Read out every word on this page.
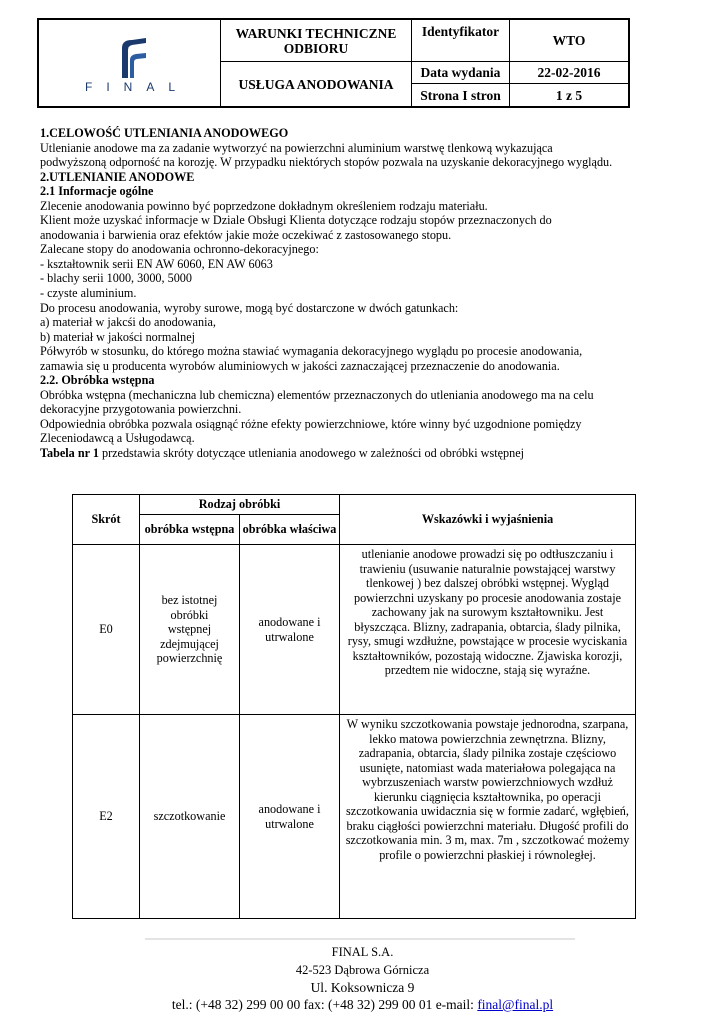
FINAL
WARUNKI TECHNICZNE ODBIORU
USŁUGA ANODOWANIA
Identyfikator
WTO
Data wydania	22-02-2016
Strona I stron	1 z 5

1.CELOWOŚĆ UTLENIANIA ANODOWEGO

Utlenianie anodowe ma za zadanie wytworzyć na powierzchni aluminium warstwę tlenkową wykazująca

podwyższoną odporność na korozję. W przypadku niektórych stopów pozwala na uzyskanie dekoracyjnego wyglądu.

2.UTLENIANIE ANODOWE

2.1 Informacje ogólne

Zlecenie anodowania powinno być poprzedzone dokładnym określeniem rodzaju materiału.

Klient może uzyskać informacje w Dziale Obsługi Klienta dotyczące rodzaju stopów przeznaczonych do

anodowania i barwienia oraz efektów jakie może oczekiwać z zastosowanego stopu.

Zalecane stopy do anodowania ochronno-dekoracyjnego:

- kształtownik serii EN AW 6060, EN AW 6063

- blachy serii 1000, 3000, 5000

- czyste aluminium.

Do procesu anodowania, wyroby surowe, mogą być dostarczone w dwóch gatunkach:

a) materiał w jakcśi do anodowania,

b) materiał w jakości normalnej

Półwyrób w stosunku, do którego można stawiać wymagania dekoracyjnego wyglądu po procesie anodowania,

zamawia się u producenta wyrobów aluminiowych w jakości zaznaczającej przeznaczenie do anodowania.

2.2. Obróbka wstępna

Obróbka wstępna (mechaniczna lub chemiczna) elementów przeznaczonych do utleniania anodowego ma na celu

dekoracyjne przygotowania powierzchni.

Odpowiednia obróbka pozwala osiągnąć różne efekty powierzchniowe, które winny być uzgodnione pomiędzy

Zleceniodawcą a Usługodawcą.

Tabela nr 1 przedstawia skróty dotyczące utleniania anodowego w zależności od obróbki wstępnej

Skrót	Rodzaj obróbki		Wskazówki i wyjaśnienia
	obróbka wstępna	obróbka właściwa	
E0	bez istotnej obróbki wstępnej zdejmującej powierzchnię	anodowane i utrwalone	utlenianie anodowe prowadzi się po odtłuszczaniu i trawieniu (usuwanie naturalnie powstającej warstwy tlenkowej ) bez dalszej obróbki wstępnej. Wygląd powierzchni uzyskany po procesie anodowania zostaje zachowany jak na surowym kształtowniku. Jest błyszcząca. Blizny, zadrapania, obtarcia, ślady pilnika, rysy, smugi wzdłużne, powstające w procesie wyciskania kształtowników, pozostają widoczne. Zjawiska korozji, przedtem nie widoczne, stają się wyraźne.
E2	szczotkowanie	anodowane i utrwalone	W wyniku szczotkowania powstaje jednorodna, szarpana, lekko matowa powierzchnia zewnętrzna. Blizny, zadrapania, obtarcia, ślady pilnika zostaje częściowo usunięte, natomiast wada materiałowa polegająca na wybrzuszeniach warstw powierzchniowych wzdłuż kierunku ciągnięcia kształtownika, po operacji szczotkowania uwidacznia się w formie zadarć, wgłębień, braku ciągłości powierzchni materiału. Długość profili do szczotkowania min. 3 m, max. 7m , szczotkować możemy profile o powierzchni płaskiej i równoległej.
FINAL S.A.
42-523 Dąbrowa Górnicza
Ul. Koksownicza 9
tel.: (+48 32) 299 00 00 fax: (+48 32) 299 00 01 e-mail: final@final.pl
